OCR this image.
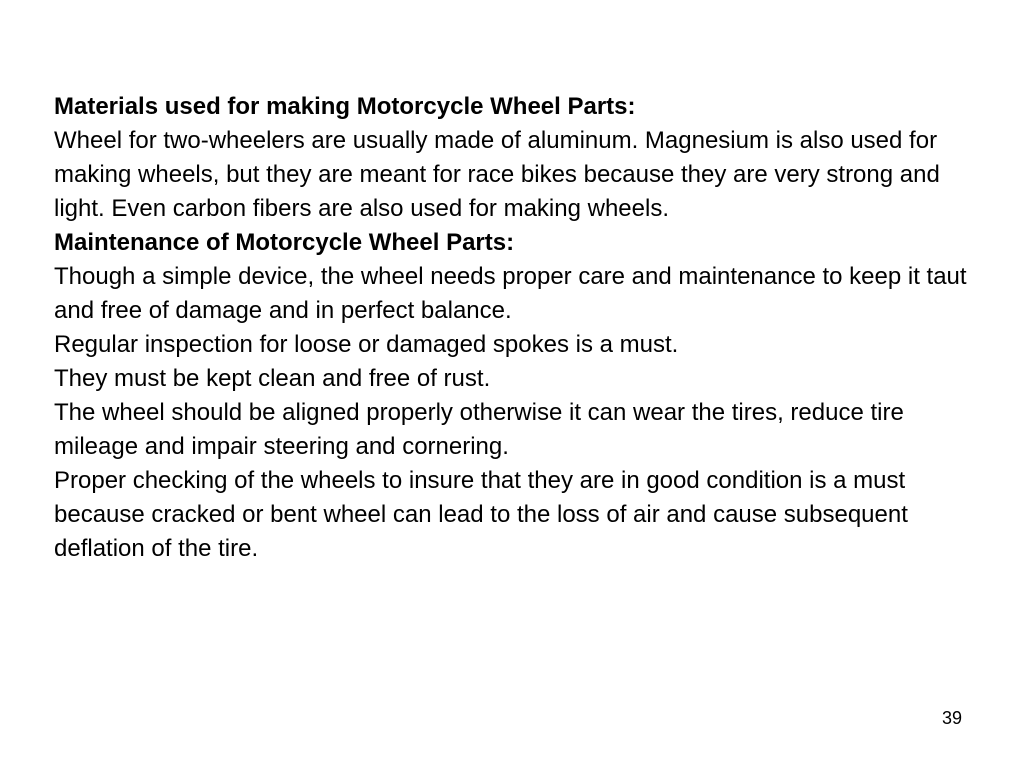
Materials used for making Motorcycle Wheel Parts:

Wheel for two-wheelers are usually made of aluminum. Magnesium is also used for making wheels, but they are meant for race bikes because they are very strong and light. Even carbon fibers are also used for making wheels.

Maintenance of Motorcycle Wheel Parts:

Though a simple device, the wheel needs proper care and maintenance to keep it taut and free of damage and in perfect balance.

Regular inspection for loose or damaged spokes is a must.

They must be kept clean and free of rust.

The wheel should be aligned properly otherwise it can wear the tires, reduce tire mileage and impair steering and cornering.

Proper checking of the wheels to insure that they are in good condition is a must because cracked or bent wheel can lead to the loss of air and cause subsequent deflation of the tire.

39
